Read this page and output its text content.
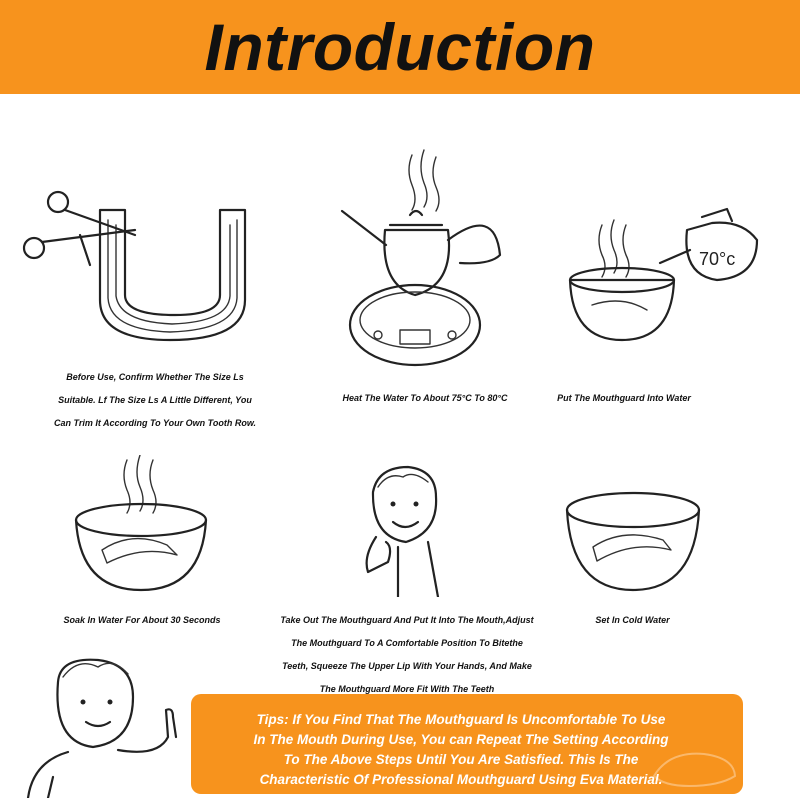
Introduction
70°c
Before Use, Confirm Whether The Size Ls
Suitable. Lf The Size Ls A Little Different, You
Can Trim It According To Your Own Tooth Row.
Heat The Water To About 75°C To 80°C	Put The Mouthguard Into Water
Soak In Water For About 30 Seconds	Take Out The Mouthguard And Put It Into The Mouth,Adjust
The Mouthguard To A Comfortable Position To Bitethe
Teeth, Squeeze The Upper Lip With Your Hands, And Make
The Mouthguard More Fit With The Teeth
Set In Cold Water
Tips: If You Find That The Mouthguard Is Uncomfortable To Use
In The Mouth During Use, You can Repeat The Setting According
To The Above Steps Until You Are Satisfied. This Is The
Characteristic Of Professional Mouthguard Using Eva Material.
